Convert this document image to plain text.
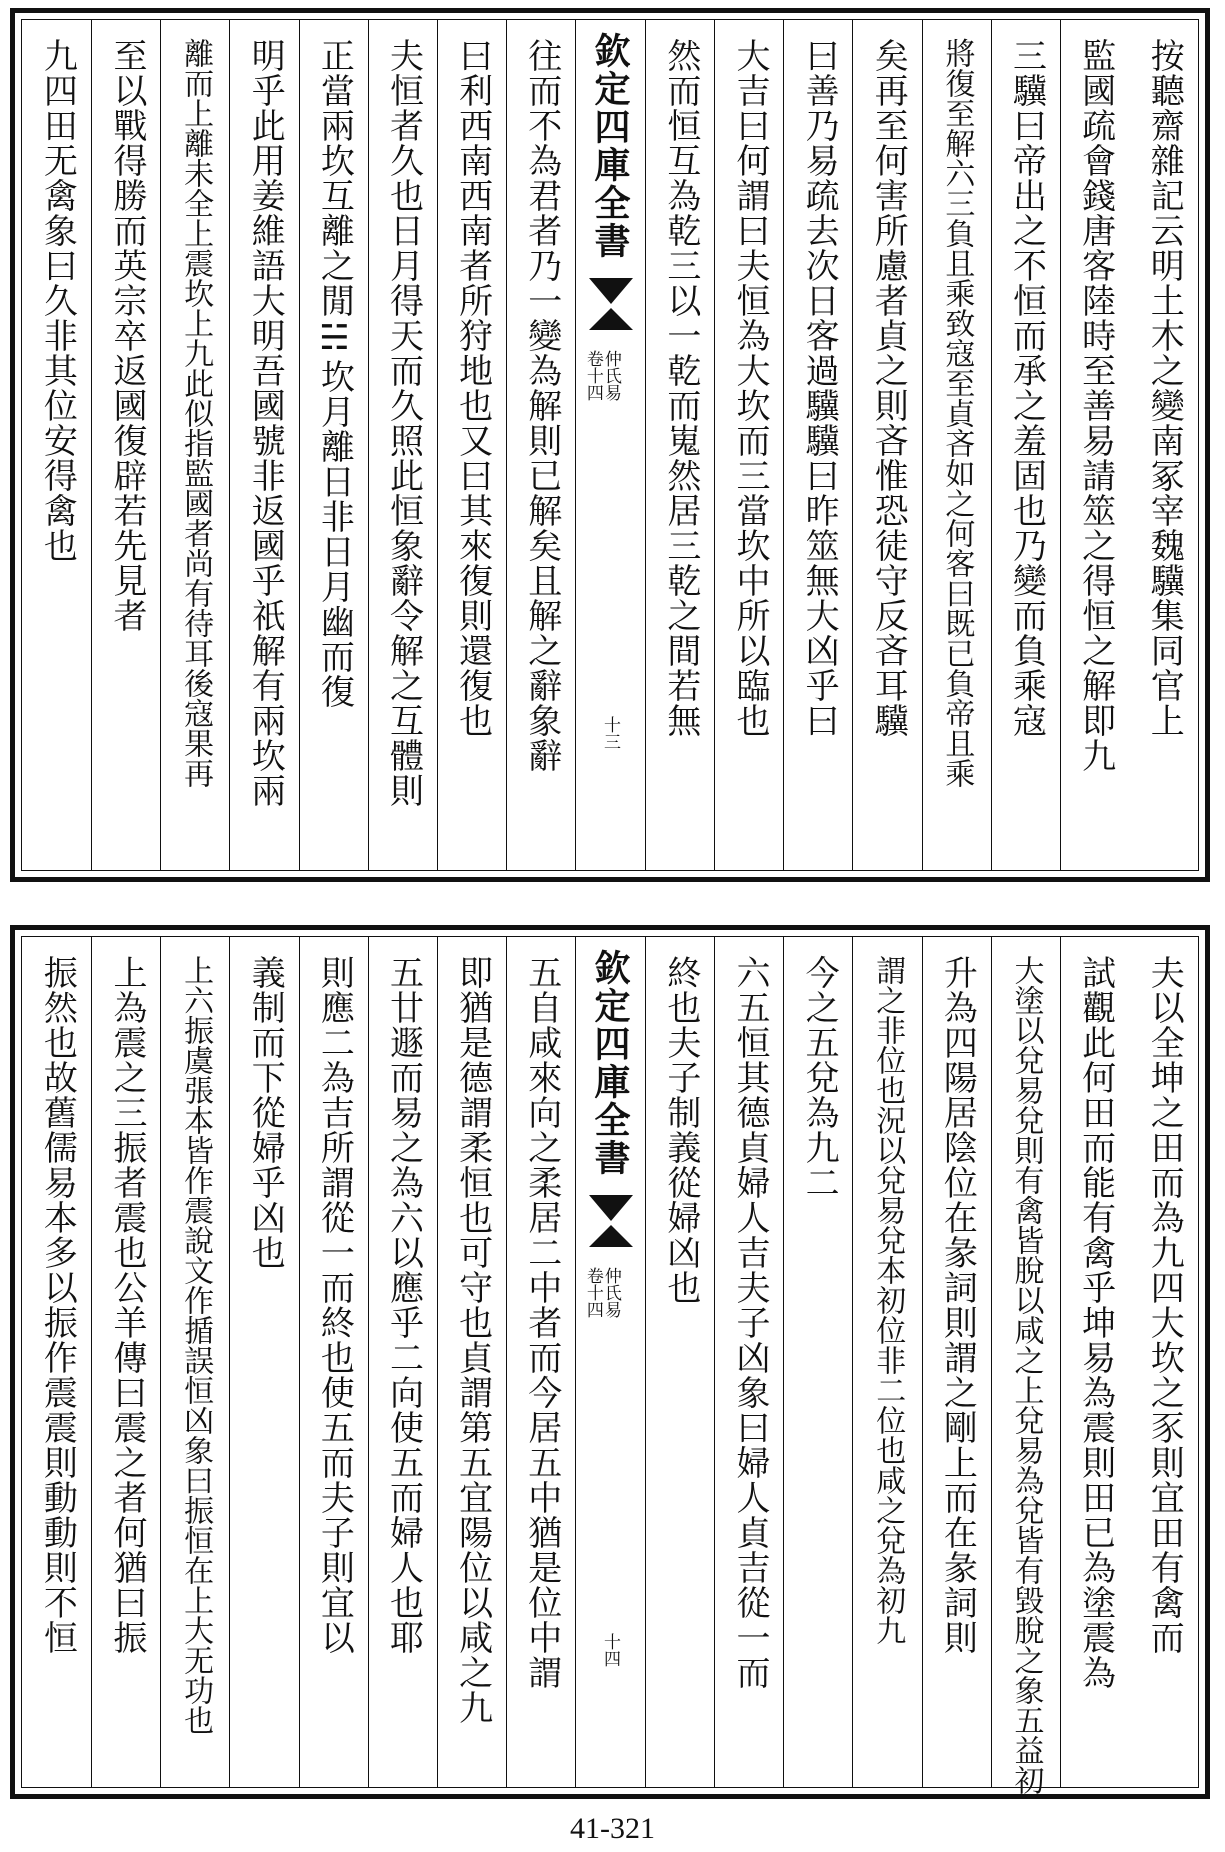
按聽齋雜記云明土木之變南冢宰魏驥集同官上
監國疏會錢唐客陸時至善易請筮之得恒之解即九
三驥曰帝出之不恒而承之羞固也乃變而負乘寇
將復至解六三負且乘致寇至貞吝如之何客曰既已負帝且乘
矣再至何害所慮者貞之則吝惟恐徒守反吝耳驥
曰善乃易疏去次日客過驥驥曰昨筮無大凶乎曰
大吉曰何謂曰夫恒為大坎而三當坎中所以臨也
然而恒互為乾三以一乾而嵬然居三乾之間若無
欽定四庫全書
仲氏易
卷十四
十三
往而不為君者乃一變為解則已解矣且解之辭象辭
曰利西南西南者所狩地也又曰其來復則還復也
夫恒者久也日月得天而久照此恒象辭令解之互體則
正當兩坎互離之閒☵坎月離日非日月幽而復
明乎此用姜維語大明吾國號非返國乎祇解有兩坎兩
離而上離未全上震坎上九此似指監國者尚有待耳後寇果再
至以戰得勝而英宗卒返國復辟若先見者
九四田无禽象曰久非其位安得禽也
夫以全坤之田而為九四大坎之豕則宜田有禽而
試觀此何田而能有禽乎坤易為震則田已為塗震為
大塗以兌易兌則有禽皆脫以咸之上兌易為兌皆有毀脫之象五益初
升為四陽居陰位在彖詞則謂之剛上而在彖詞則
謂之非位也況以兌易兌本初位非二位也咸之兌為初九
今之五兌為九二
六五恒其德貞婦人吉夫子凶象曰婦人貞吉從一而
終也夫子制義從婦凶也
欽定四庫全書
仲氏易
卷十四
十四
五自咸來向之柔居二中者而今居五中猶是位中謂
即猶是德謂柔恒也可守也貞謂第五宜陽位以咸之九
五廿遯而易之為六以應乎二向使五而婦人也耶
則應二為吉所謂從一而終也使五而夫子則宜以
義制而下從婦乎凶也
上六振虞張本皆作震說文作揗誤恒凶象曰振恒在上大无功也
上為震之三振者震也公羊傳曰震之者何猶曰振
振然也故舊儒易本多以振作震震則動動則不恒
41-321
